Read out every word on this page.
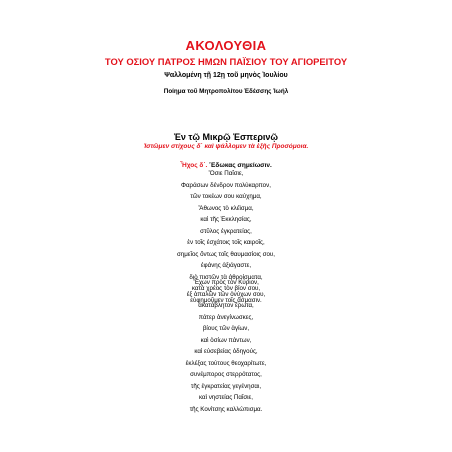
ΑΚΟΛΟΥΘΙΑ
ΤΟΥ ΟΣΙΟΥ ΠΑΤΡΟΣ ΗΜΩΝ ΠΑΪΣΙΟΥ ΤΟΥ ΑΓΙΟΡΕΙΤΟΥ
Ψαλλομένη τῇ 12ῃ τοῦ μηνὸς Ἰουλίου
Ποίημα τοῦ Μητροπολίτου Ἐδέσσης Ἰωήλ
Ἐν τῷ Μικρῷ Ἑσπερινῷ
Ἱστῶμεν στίχους δ΄ καὶ ψάλλομεν τὰ ἑξῆς Προσόμοια.
Ἦχος δ΄. Ἔδωκας σημείωσιν.
Ὅσιε Παΐσιε,
Φαράσων δένδρον πολύκαρπον,
τῶν τοκέων σου καύχημα,
Ἄθωνος τὸ κλέϊσμα,
καὶ τῆς Ἐκκλησίας,
στῦλος ἐγκρατείας,
ἐν τοῖς ἐσχάτοις τοῖς καιροῖς,
σημεῖος ὄντως τοῖς θαυμασίοις σου,
ἐφάνης ἀξιάγαστε,
διὸ πιστῶν τὰ ἀθροίσματα,
κατὰ χρέος τὸν βίον σου,
εὐφημοῦμεν τοῖς ᾄσμασιν.
Ἔχων πρὸς τὸν Κύριον,
ἐξ ἁπαλῶν τῶν ὀνύχων σου,
ἀκατάβλητον ἔρωτα,
πάτερ ἀνεγίνωσκες,
βίους τῶν ἁγίων,
καὶ ὁσίων πάντων,
καὶ εὐσεβείας ὁδηγούς,
ἐκλέξας τούτους θεοχαρίτωτε,
συνέμπορος στερρότατος,
τῆς ἐγκρατείας γεγένησαι,
καὶ νηστείας Παΐσιε,
τῆς Κονίτσης καλλώπισμα.
